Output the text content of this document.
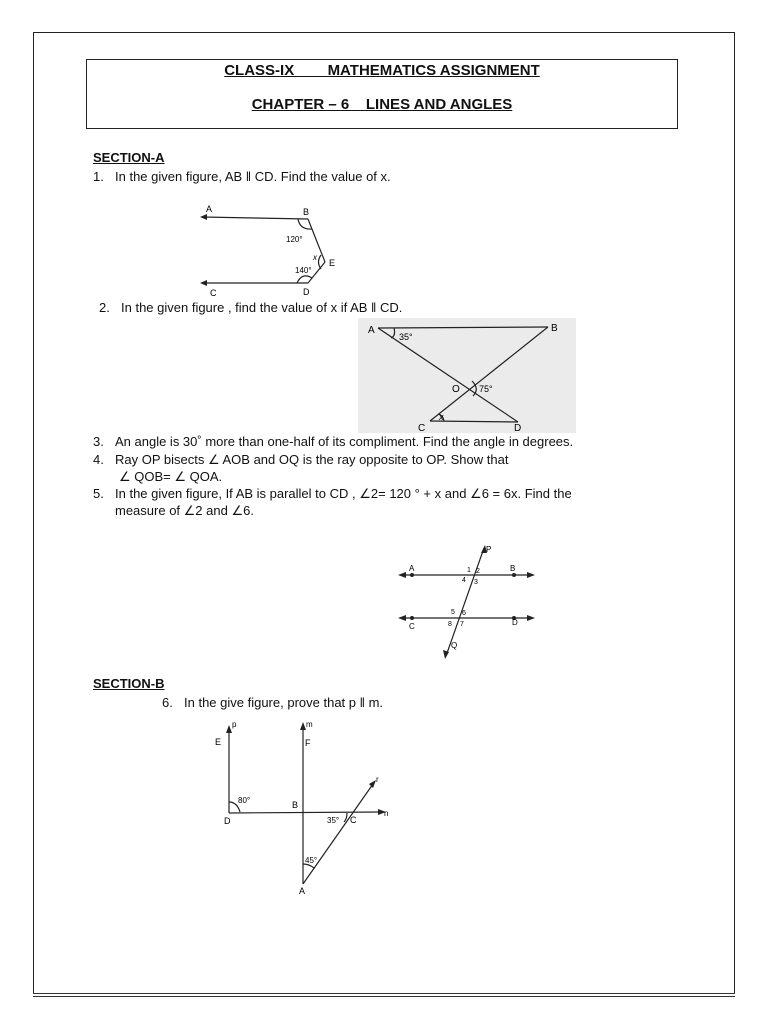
CLASS-IX        MATHEMATICS ASSIGNMENT
CHAPTER – 6    LINES AND ANGLES
SECTION-A
1. In the given figure, AB ǁ CD. Find the value of x.
A	B
120°
x
E
140°
D
C
2. In the given figure , find the value of x if AB ǁ CD.
A
35°
B
O 75°
x
C	D
3. An angle is 30˚ more than one-half of its compliment. Find the angle in degrees.
4. Ray OP bisects ∠ AOB and OQ is the ray opposite to OP. Show that
∠ QOB= ∠ QOA.
5. In the given figure, If AB is parallel to CD , ∠2= 120 ° + x and ∠6 = 6x. Find the
measure of ∠2 and ∠6.
P
A	B
1 2
4 3
5 6
8 7
C	D
Q
SECTION-B
6. In the give figure, prove that p ǁ m.
p	m
E	F
r
80°	B
n
D	35° C
45°
A
